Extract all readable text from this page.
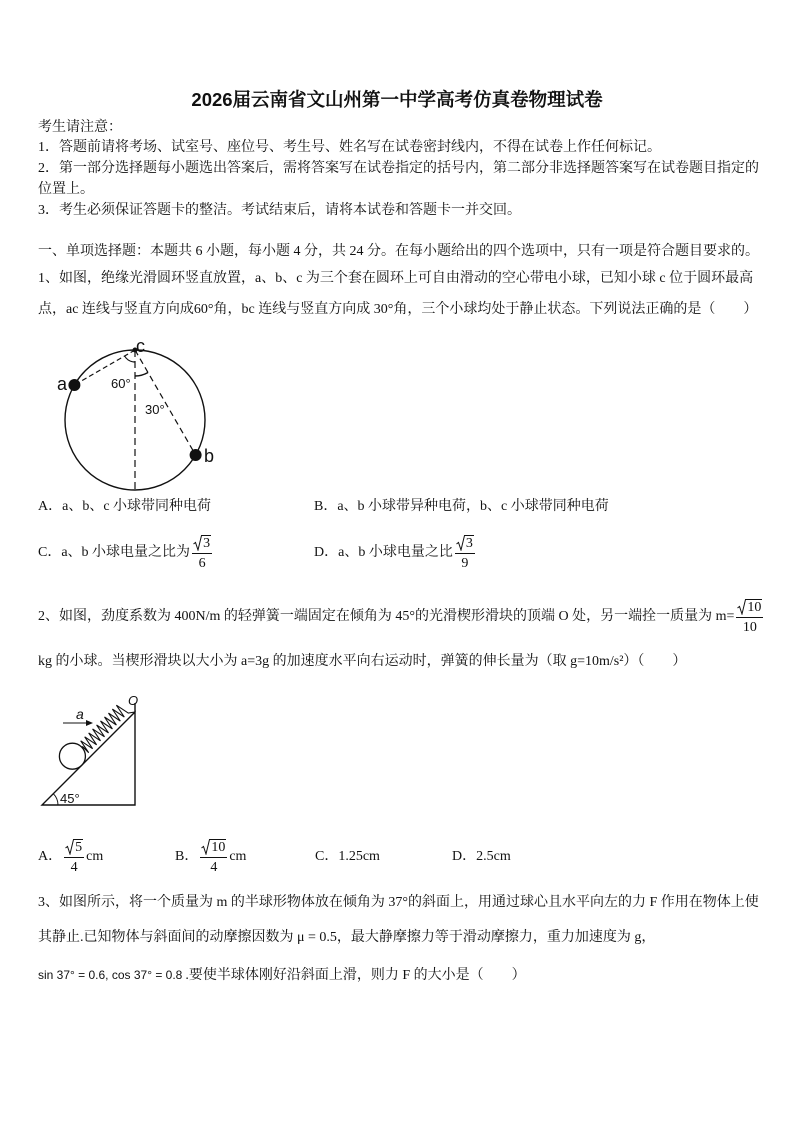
2026届云南省文山州第一中学高考仿真卷物理试卷
考生请注意：
1．答题前请将考场、试室号、座位号、考生号、姓名写在试卷密封线内，不得在试卷上作任何标记。
2．第一部分选择题每小题选出答案后，需将答案写在试卷指定的括号内，第二部分非选择题答案写在试卷题目指定的
位置上。
3．考生必须保证答题卡的整洁。考试结束后，请将本试卷和答题卡一并交回。
一、单项选择题：本题共 6 小题，每小题 4 分，共 24 分。在每小题给出的四个选项中，只有一项是符合题目要求的。
1、如图，绝缘光滑圆环竖直放置，a、b、c 为三个套在圆环上可自由滑动的空心带电小球，已知小球 c 位于圆环最高
点，ac 连线与竖直方向成60°角，bc 连线与竖直方向成 30°角，三个小球均处于静止状态。下列说法正确的是（　　）
a
c
b
60°
30°
A．a、b、c 小球带同种电荷	B．a、b 小球带异种电荷，b、c 小球带同种电荷
C．a、b 小球电量之比为 $\frac{3}{6}$	D．a、b 小球电量之比 $\frac{3}{9}$
2、如图，劲度系数为 400N/m 的轻弹簧一端固定在倾角为 45°的光滑楔形滑块的顶端 O 处，另一端拴一质量为 $m= \frac{10}{10}$
kg 的小球。当楔形滑块以大小为 a=3g 的加速度水平向右运动时，弹簧的伸长量为（取 g=10m/s²）（　　）
a
O
45°
A． $\frac{5}{4}$ cm	B． $\frac{10}{4}$ cm	C．1.25cm	D．2.5cm
3、如图所示，将一个质量为 m 的半球形物体放在倾角为 37°的斜面上，用通过球心且水平向左的力 F 作用在物体上使
其静止.已知物体与斜面间的动摩擦因数为 μ = 0.5，最大静摩擦力等于滑动摩擦力，重力加速度为 g，
sin 37° = 0.6, cos 37° = 0.8 .要使半球体刚好沿斜面上滑，则力 F 的大小是（　　）
